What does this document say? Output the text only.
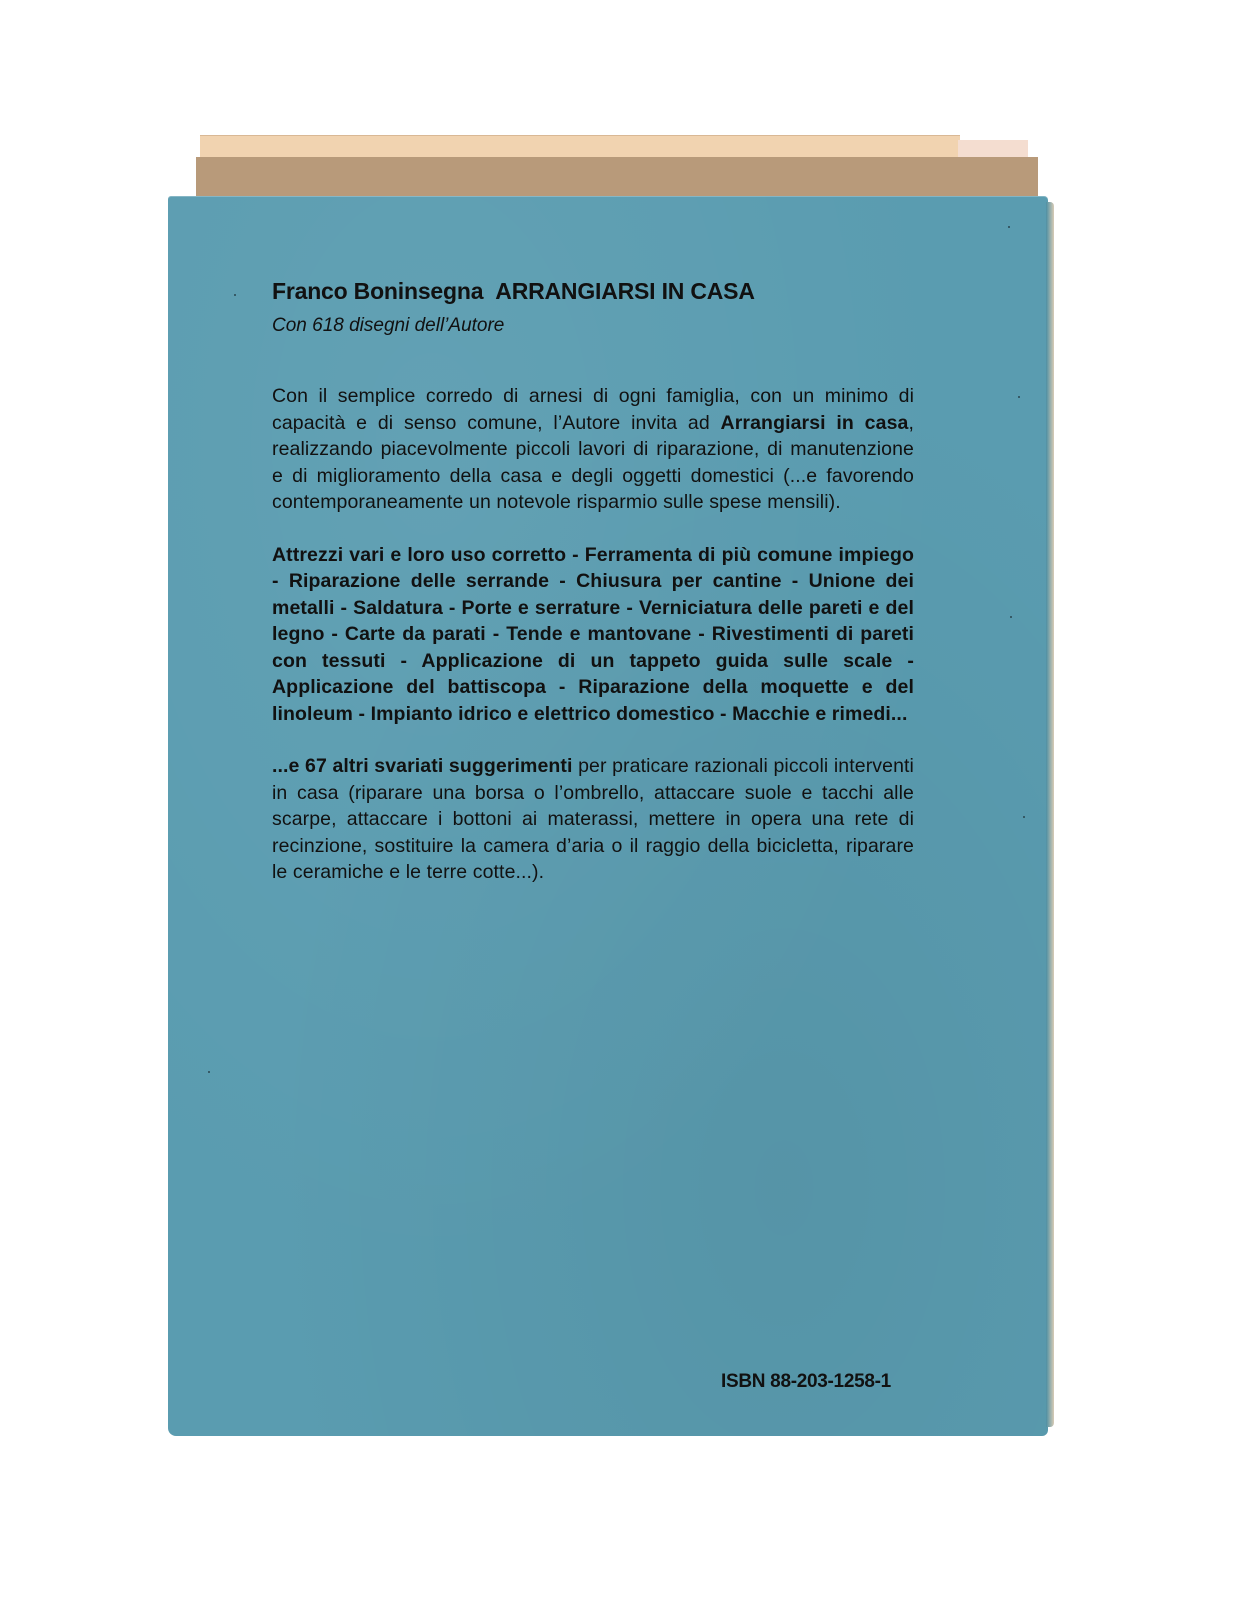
Franco Boninsegna ARRANGIARSI IN CASA

Con 618 disegni dell’Autore

Con il semplice corredo di arnesi di ogni famiglia, con un minimo di capacità e di senso comune, l’Autore invita ad Arrangiarsi in casa, realizzando piacevolmente piccoli lavori di riparazione, di manutenzione e di miglioramento della casa e degli oggetti domestici (...e favorendo contemporaneamente un notevole risparmio sulle spese mensili).

Attrezzi vari e loro uso corretto - Ferramenta di più comune impiego - Riparazione delle serrande - Chiusura per cantine - Unione dei metalli - Saldatura - Porte e serrature - Verniciatura delle pareti e del legno - Carte da parati - Tende e mantovane - Rivestimenti di pareti con tessuti - Applicazione di un tappeto guida sulle scale - Applicazione del battiscopa - Riparazione della moquette e del linoleum - Impianto idrico e elettrico domestico - Macchie e rimedi...

...e 67 altri svariati suggerimenti per praticare razionali piccoli interventi in casa (riparare una borsa o l’ombrello, attaccare suole e tacchi alle scarpe, attaccare i bottoni ai materassi, mettere in opera una rete di recinzione, sostituire la camera d’aria o il raggio della bicicletta, riparare le ceramiche e le terre cotte...).

ISBN 88-203-1258-1
